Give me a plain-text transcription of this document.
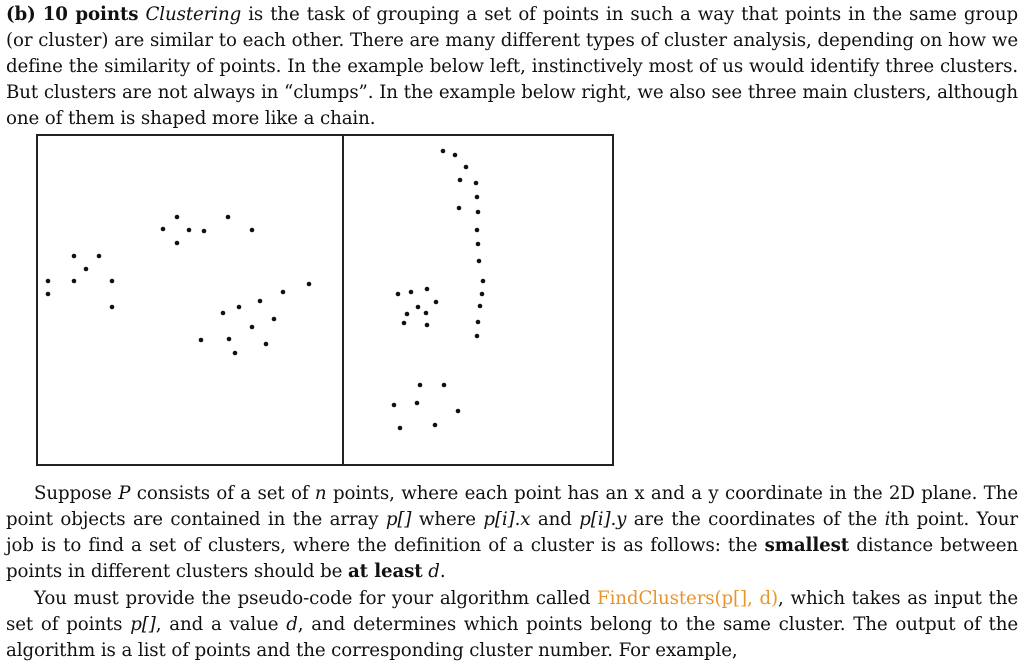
(b) 10 points Clustering is the task of grouping a set of points in such a way that points in the same group (or cluster) are similar to each other. There are many different types of cluster analysis, depending on how we define the similarity of points. In the example below left, instinctively most of us would identify three clusters. But clusters are not always in “clumps”. In the example below right, we also see three main clusters, although one of them is shaped more like a chain.

Suppose P consists of a set of n points, where each point has an x and a y coordinate in the 2D plane. The point objects are contained in the array p[] where p[i].x and p[i].y are the coordinates of the ith point. Your job is to find a set of clusters, where the definition of a cluster is as follows: the smallest distance between points in different clusters should be at least d.

You must provide the pseudo-code for your algorithm called FindClusters(p[], d), which takes as input the set of points p[], and a value d, and determines which points belong to the same cluster. The output of the algorithm is a list of points and the corresponding cluster number. For example,
